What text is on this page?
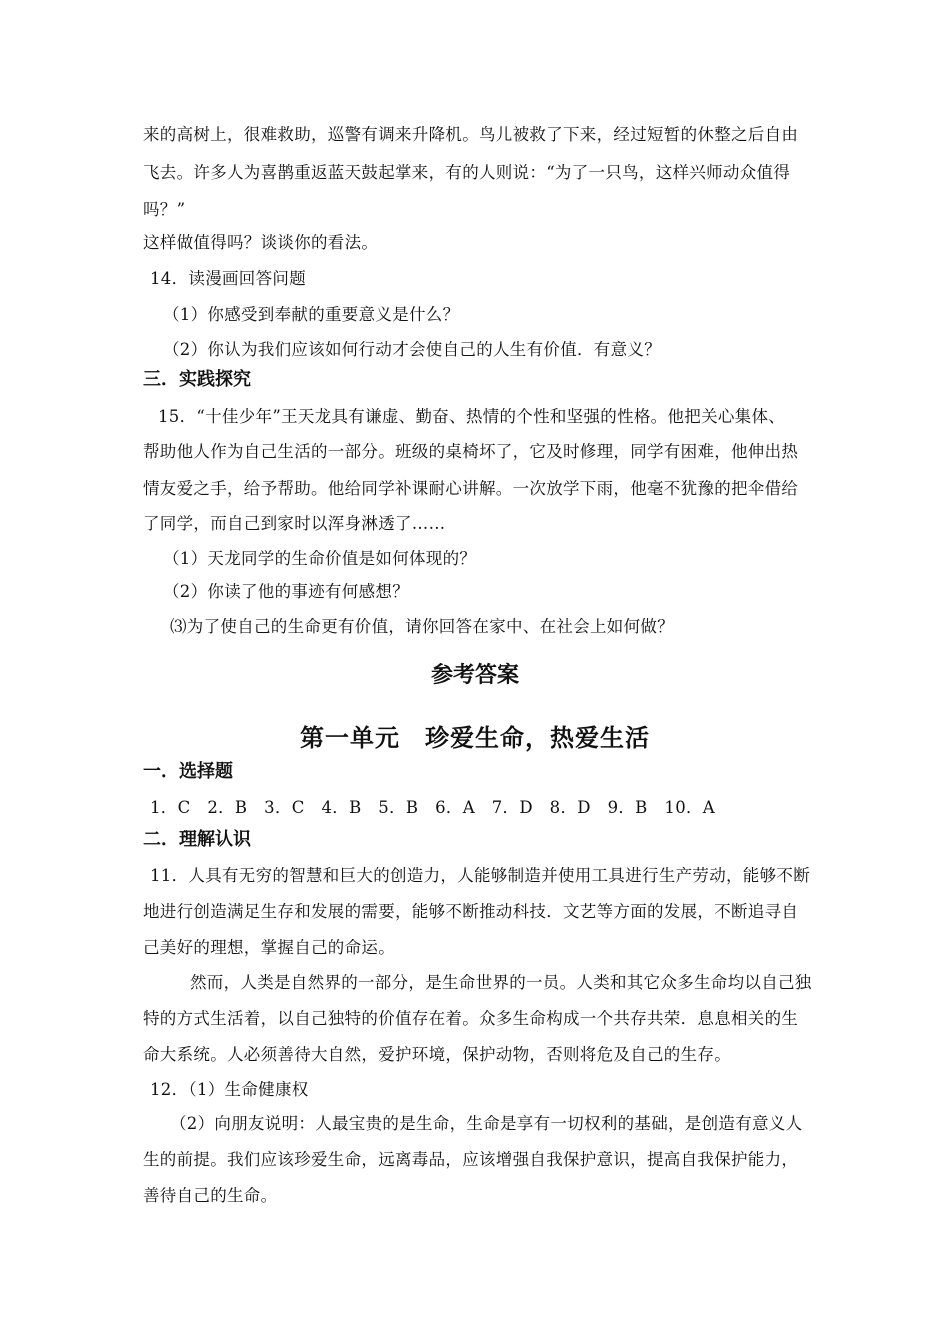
来的高树上，很难救助，巡警有调来升降机。鸟儿被救了下来，经过短暂的休整之后自由
飞去。许多人为喜鹊重返蓝天鼓起掌来，有的人则说：“为了一只鸟，这样兴师动众值得
吗？”
这样做值得吗？谈谈你的看法。
14．读漫画回答问题
（1）你感受到奉献的重要意义是什么？
（2）你认为我们应该如何行动才会使自己的人生有价值．有意义？
三．实践探究
15．“十佳少年”王天龙具有谦虚、勤奋、热情的个性和坚强的性格。他把关心集体、
帮助他人作为自己生活的一部分。班级的桌椅坏了，它及时修理，同学有困难，他伸出热
情友爱之手，给予帮助。他给同学补课耐心讲解。一次放学下雨，他毫不犹豫的把伞借给
了同学，而自己到家时以浑身淋透了……
（1）天龙同学的生命价值是如何体现的？
（2）你读了他的事迹有何感想？
⑶为了使自己的生命更有价值，请你回答在家中、在社会上如何做？
参考答案
第一单元　珍爱生命，热爱生活
一．选择题
1．C　2．B　3．C　4．B　5．B　6．A　7．D　8．D　9．B　10．A
二．理解认识
11．人具有无穷的智慧和巨大的创造力，人能够制造并使用工具进行生产劳动，能够不断
地进行创造满足生存和发展的需要，能够不断推动科技．文艺等方面的发展，不断追寻自
己美好的理想，掌握自己的命运。
然而，人类是自然界的一部分，是生命世界的一员。人类和其它众多生命均以自己独
特的方式生活着，以自己独特的价值存在着。众多生命构成一个共存共荣．息息相关的生
命大系统。人必须善待大自然，爱护环境，保护动物，否则将危及自己的生存。
12．（1）生命健康权
（2）向朋友说明：人最宝贵的是生命，生命是享有一切权利的基础，是创造有意义人
生的前提。我们应该珍爱生命，远离毒品，应该增强自我保护意识，提高自我保护能力，
善待自己的生命。
